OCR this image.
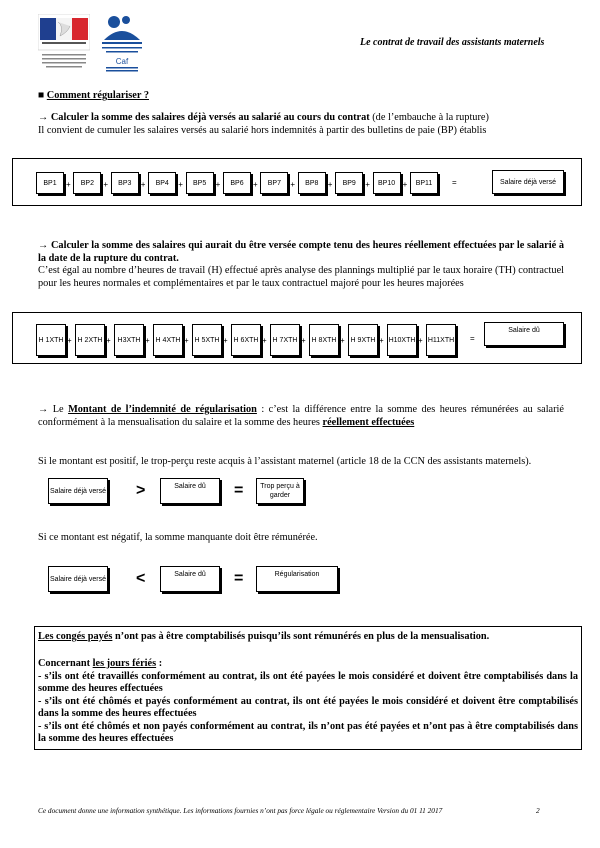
Caf
Le contrat de travail des assistants maternels
■ Comment régulariser ?
→ Calculer la somme des salaires déjà versés au salarié au cours du contrat (de l’embauche à la rupture)
Il convient de cumuler les salaires versés au salarié hors indemnités à partir des bulletins de paie (BP) établis
BP 1 + BP 2 + BP 3 + BP 4 + BP 5 + BP 6 + BP 7 + BP 8 + BP 9 + BP 10 + BP 11 =	Salaire déjà versé
→ Calculer la somme des salaires qui aurait du être versée compte tenu des heures réellement effectuées par le salarié à la date de la rupture du contrat.
C’est égal au nombre d’heures de travail (H) effectué après analyse des plannings multiplié par le taux horaire (TH) contractuel pour les heures normales et complémentaires et par le taux contractuel majoré pour les heures majorées
H 1 X TH + H 2 X TH + H3 X TH + H 4 X TH + H 5 X TH + H 6 X TH + H 7 X TH + H 8 X TH + H 9 X TH + H10 X TH + H11 X TH =
Salaire dû
→ Le Montant de l’indemnité de régularisation : c’est la différence entre la somme des heures rémunérées au salarié conformément à la mensualisation du salaire et la somme des heures réellement effectuées
Si le montant est positif, le trop-perçu reste acquis à l’assistant maternel (article 18 de la CCN des assistants maternels).
Salaire déjà versé >	Salaire dû =	Trop perçu à garder
Si ce montant est négatif, la somme manquante doit être rémunérée.
Salaire déjà versé <	Salaire dû =	Régularisation
Les congés payés n’ont pas à être comptabilisés puisqu’ils sont rémunérés en plus de la mensualisation.
Concernant les jours fériés :
- s’ils ont été travaillés conformément au contrat, ils ont été payées le mois considéré et doivent être comptabilisés dans la somme des heures effectuées
- s’ils ont été chômés et payés conformément au contrat, ils ont été payées le mois considéré et doivent être comptabilisés dans la somme des heures effectuées
- s’ils ont été chômés et non payés conformément au contrat, ils n’ont pas été payées et n’ont pas à être comptabilisés dans la somme des heures effectuées
Ce document donne une information synthétique. Les informations fournies n’ont pas force légale ou réglementaire Version du 01 11 2017	2
